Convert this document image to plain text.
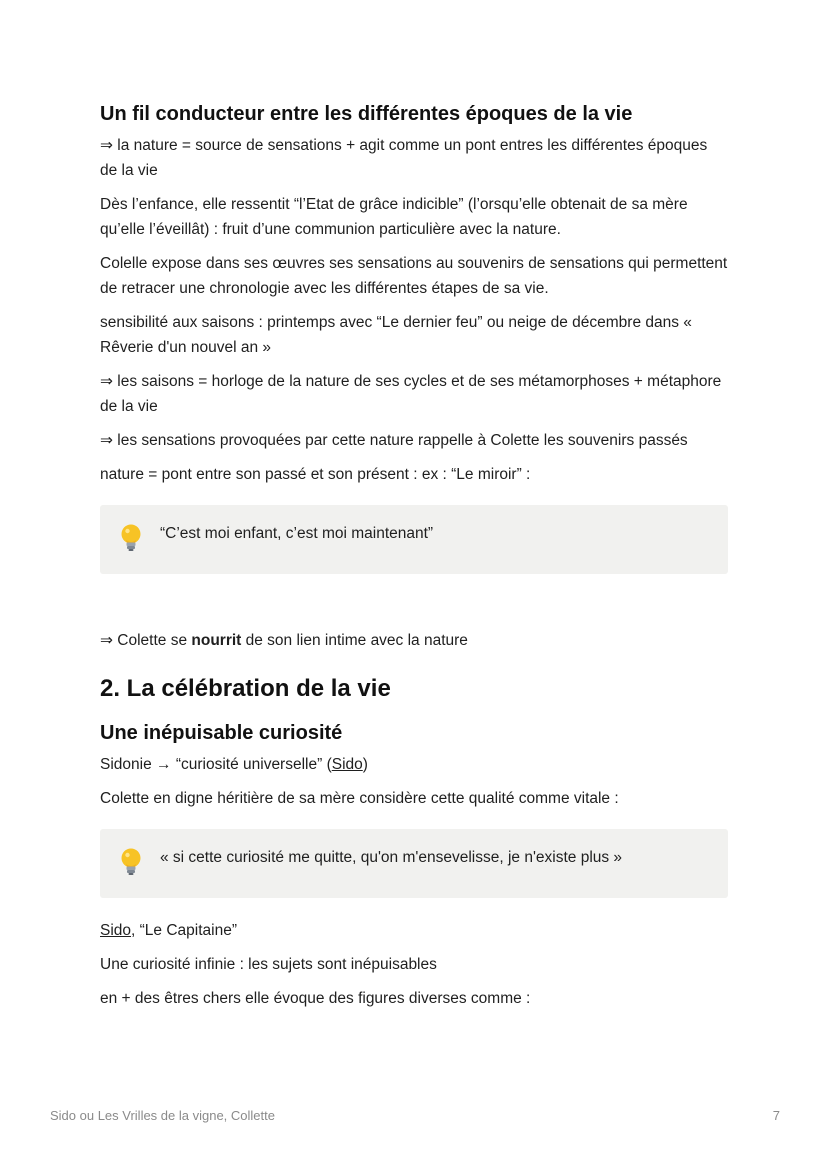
Un fil conducteur entre les différentes époques de la vie

⇒ la nature = source de sensations + agit comme un pont entres les différentes époques de la vie

Dès l’enfance, elle ressentit “l’Etat de grâce indicible” (l’orsqu’elle obtenait de sa mère qu’elle l’éveillât) : fruit d’une communion particulière avec la nature.

Colelle expose dans ses œuvres ses sensations au souvenirs de sensations qui permettent de retracer une chronologie avec les différentes étapes de sa vie.

sensibilité aux saisons : printemps avec “Le dernier feu” ou neige de décembre dans « Rêverie d'un nouvel an »

⇒ les saisons = horloge de la nature de ses cycles et de ses métamorphoses + métaphore de la vie

⇒ les sensations provoquées par cette nature rappelle à Colette les souvenirs passés

nature = pont entre son passé et son présent : ex : “Le miroir” :

“C’est moi enfant, c’est moi maintenant”

⇒ Colette se nourrit de son lien intime avec la nature

2. La célébration de la vie
Une inépuisable curiosité

Sidonie → “curiosité universelle” (Sido)

Colette en digne héritière de sa mère considère cette qualité comme vitale :

« si cette curiosité me quitte, qu'on m'ensevelisse, je n'existe plus »

Sido, “Le Capitaine”

Une curiosité infinie : les sujets sont inépuisables

en + des êtres chers elle évoque des figures diverses comme :

Sido ou Les Vrilles de la vigne, Collette	7
